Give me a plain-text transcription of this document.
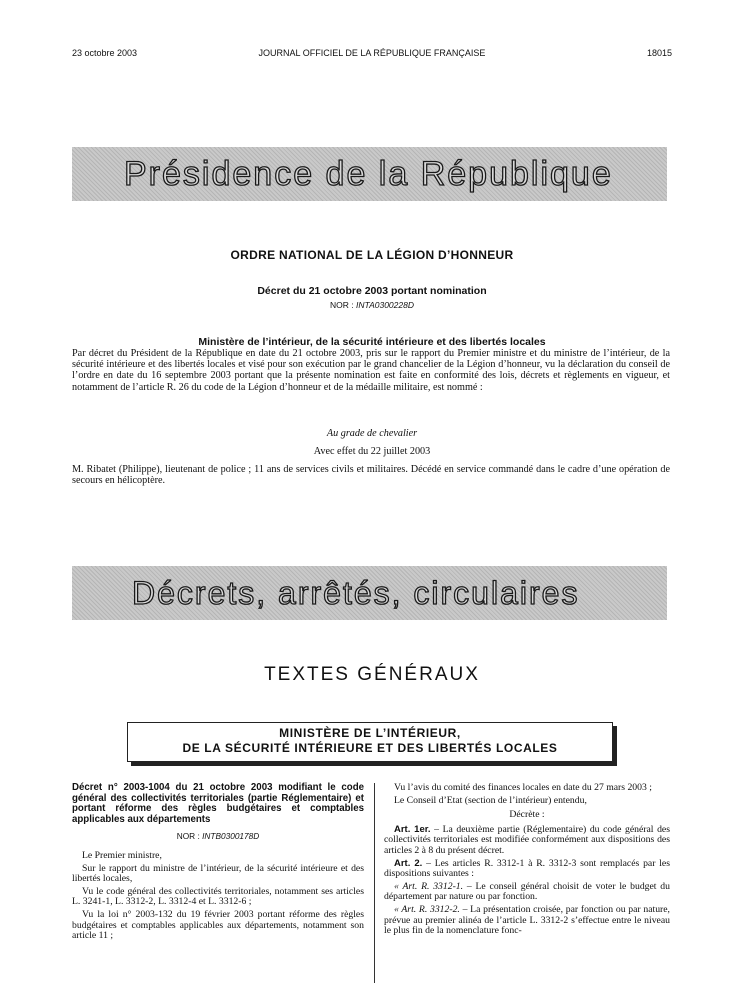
23 octobre 2003	JOURNAL OFFICIEL DE LA RÉPUBLIQUE FRANÇAISE	18015
Présidence de la République
ORDRE NATIONAL DE LA LÉGION D’HONNEUR
Décret du 21 octobre 2003 portant nomination
NOR : INTA0300228D
Ministère de l’intérieur, de la sécurité intérieure et des libertés locales
Par décret du Président de la République en date du 21 octobre 2003, pris sur le rapport du Premier ministre et du ministre de l’intérieur, de la sécurité intérieure et des libertés locales et visé pour son exécution par le grand chancelier de la Légion d’honneur, vu la déclaration du conseil de l’ordre en date du 16 septembre 2003 portant que la présente nomination est faite en conformité des lois, décrets et règlements en vigueur, et notamment de l’article R. 26 du code de la Légion d’honneur et de la médaille militaire, est nommé :
Au grade de chevalier
Avec effet du 22 juillet 2003
M. Ribatet (Philippe), lieutenant de police ; 11 ans de services civils et militaires. Décédé en service commandé dans le cadre d’une opération de secours en hélicoptère.
Décrets, arrêtés, circulaires
TEXTES GÉNÉRAUX
MINISTÈRE DE L’INTÉRIEUR,
DE LA SÉCURITÉ INTÉRIEURE ET DES LIBERTÉS LOCALES
Décret n° 2003-1004 du 21 octobre 2003 modifiant le code général des collectivités territoriales (partie Réglementaire) et portant réforme des règles budgétaires et comptables applicables aux départements
NOR : INTB0300178D

Le Premier ministre,

Sur le rapport du ministre de l’intérieur, de la sécurité intérieure et des libertés locales,

Vu le code général des collectivités territoriales, notamment ses articles L. 3241-1, L. 3312-2, L. 3312-4 et L. 3312-6 ;

Vu la loi n° 2003-132 du 19 février 2003 portant réforme des règles budgétaires et comptables applicables aux départements, notamment son article 11 ;

Vu l’avis du comité des finances locales en date du 27 mars 2003 ;

Le Conseil d’Etat (section de l’intérieur) entendu,

Décrète :

Art. 1er. – La deuxième partie (Réglementaire) du code général des collectivités territoriales est modifiée conformément aux dispositions des articles 2 à 8 du présent décret.

Art. 2. – Les articles R. 3312-1 à R. 3312-3 sont remplacés par les dispositions suivantes :

« Art. R. 3312-1. – Le conseil général choisit de voter le budget du département par nature ou par fonction.

« Art. R. 3312-2. – La présentation croisée, par fonction ou par nature, prévue au premier alinéa de l’article L. 3312-2 s’effectue entre le niveau le plus fin de la nomenclature fonc-
